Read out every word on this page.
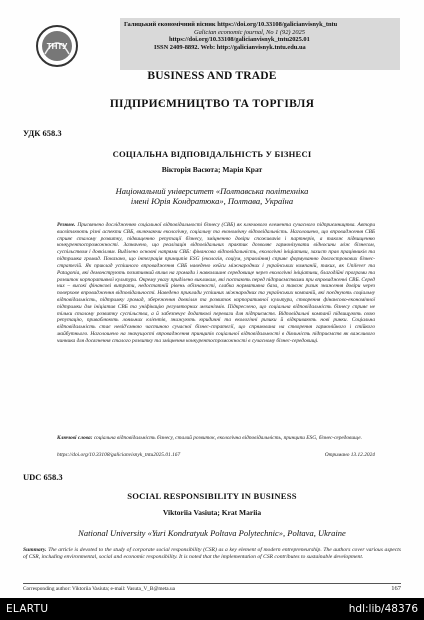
ТНТУ
Галицький економічний вісник https://doi.org/10.33108/galicianvisnyk_tntu
Galician economic journal, No 1 (92) 2025
https://doi.org/10.33108/galicianvisnyk_tntu2025.01
ISSN 2409-8892. Web: http://galicianvisnyk.tntu.edu.ua
BUSINESS AND TRADE
ПІДПРИЄМНИЦТВО ТА ТОРГІВЛЯ
УДК 658.3
СОЦІАЛЬНА ВІДПОВІДАЛЬНІСТЬ У БІЗНЕСІ
Вікторія Васюта; Марія Крат
Національний університет «Полтавська політехніка
імені Юрія Кондратюка», Полтава, Україна
Резюме. Присвячено дослідженню соціальної відповідальності бізнесу (СВБ) як ключового елемента сучасного підприємництва. Автори висвітлюють різні аспекти СВБ, включаючи екологічну, соціальну та економічну відповідальність. Наголошено, що впровадження СВБ сприяє сталому розвитку, підвищенню репутації бізнесу, зміцненню довіри споживачів і партнерів, а також підвищенню конкурентоспроможності. Зазначено, що реалізація відповідальних практик дозволяє гармонізувати відносини між бізнесом, суспільством і довкіллям. Виділено основні напрями СВБ: фінансова відповідальність, екологічні ініціативи, захист прав працівників та підтримка громад. Показано, що інтеграція принципів ESG (екологія, соціум, управління) сприяє формуванню довгострокових бізнес-стратегій. Як приклад успішного впровадження СВБ наведено кейси міжнародних і українських компаній, таких, як Unilever та Patagonia, які демонструють позитивний вплив на громади і навколишнє середовище через екологічні ініціативи, благодійні програми та розвиток корпоративної культури. Окрему увагу приділено викликам, які постають перед підприємствами при впровадженні СВБ. Серед них – високі фінансові витрати, недостатній рівень обізнаності, слабка нормативна база, а також ризик зниження довіри через поверхове впровадження відповідальності. Наведено приклади успішних міжнародних та українських компаній, які поєднують соціальну відповідальність, підтримку громад, збереження довкілля та розвиток корпоративної культури, створення фінансово-економічної підтримки для ініціатив СВБ та уніфікацію регуляторних механізмів. Підкреслено, що соціальна відповідальність бізнесу сприяє не тільки сталому розвитку суспільства, а й забезпечує додаткові переваги для підприємств. Відповідальні компанії підвищують свою репутацію, приваблюють лояльних клієнтів, знижують юридичні та екологічні ризики й відкривають нові ринки. Соціальна відповідальність стає невід'ємною частиною сучасної бізнес-стратегії, що спрямована на створення гармонійного і стійкого майбутнього. Наголошено на значущості впровадження принципів соціальної відповідальності в діяльність підприємств як важливого чинника для досягнення сталого розвитку та зміцнення конкурентоспроможності в сучасному бізнес-середовищі.
Ключові слова: соціальна відповідальність бізнесу, сталий розвиток, екологічна відповідальність, принципи ESG, бізнес-середовище.
https://doi.org/10.33108/galicianvisnyk_tntu2025.01.167	Отримано 13.12.2024
UDC 658.3
SOCIAL RESPONSIBILITY IN BUSINESS
Viktoriia Vasiuta; Krat Mariia
National University «Yuri Kondratyuk Poltava Polytechnic», Poltava, Ukraine
Summary. The article is devoted to the study of corporate social responsibility (CSR) as a key element of modern entrepreneurship. The authors cover various aspects of CSR, including environmental, social and economic responsibility. It is noted that the implementation of CSR contributes to sustainable development.
Corresponding author: Viktoriia Vasiuta; e-mail: Vasuta_V_B@meta.ua	167
ELARTU	hdl:lib/48376
